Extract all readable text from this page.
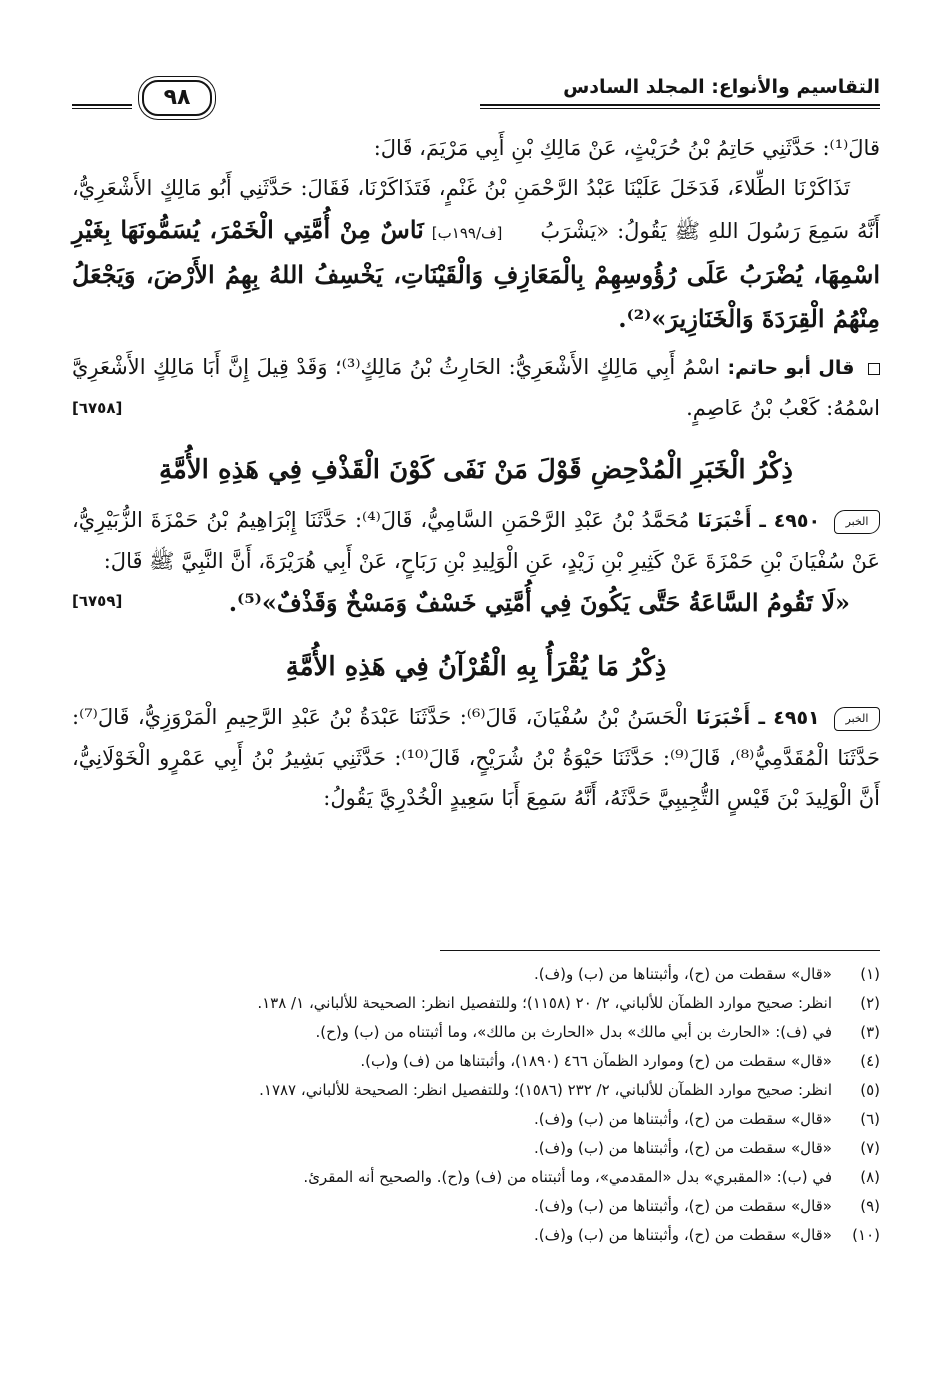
التقاسيم والأنواع: المجلد السادس
٩٨

قالَ⁽¹⁾: حَدَّثَنِي حَاتِمُ بْنُ حُرَيْثٍ، عَنْ مَالِكِ بْنِ أَبِي مَرْيَمَ، قَالَ:

تَذَاكَرْنَا الطِّلاءَ، فَدَخَلَ عَلَيْنَا عَبْدُ الرَّحْمَنِ بْنُ غَنْمٍ، فَتَذَاكَرْنَا، فَقَالَ: حَدَّثَنِي أَبُو مَالِكٍ الأَشْعَرِيُّ، أَنَّهُ سَمِعَ رَسُولَ اللهِ ﷺ يَقُولُ: «يَشْرَبُ [ف/١٩٩ب] نَاسٌ مِنْ أُمَّتِي الْخَمْرَ، يُسَمُّونَهَا بِغَيْرِ اسْمِهَا، يُضْرَبُ عَلَى رُؤُوسِهِمْ بِالْمَعَازِفِ وَالْقَيْنَاتِ، يَخْسِفُ اللهُ بِهِمُ الأَرْضَ، وَيَجْعَلُ مِنْهُمُ الْقِرَدَةَ وَالْخَنَازِيرَ»⁽²⁾.

قال أبو حاتم: اسْمُ أَبِي مَالِكٍ الأَشْعَرِيُّ: الحَارِثُ بْنُ مَالِكٍ⁽³⁾؛ وَقَدْ قِيلَ إِنَّ أَبَا مَالِكٍ الأَشْعَرِيَّ اسْمُهُ: كَعْبُ بْنُ عَاصِمٍ.
[٦٧٥٨]

ذِكْرُ الْخَبَرِ الْمُدْحِضِ قَوْلَ مَنْ نَفَى كَوْنَ الْقَذْفِ فِي هَذِهِ الأُمَّةِ

الخبر ٤٩٥٠ ـ أَخْبَرَنَا مُحَمَّدُ بْنُ عَبْدِ الرَّحْمَنِ السَّامِيُّ، قَالَ⁽⁴⁾: حَدَّثَنَا إِبْرَاهِيمُ بْنُ حَمْزَةَ الزُّبَيْرِيُّ، عَنْ سُفْيَانَ بْنِ حَمْزَةَ عَنْ كَثِيرِ بْنِ زَيْدٍ، عَنِ الْوَلِيدِ بْنِ رَبَاحٍ، عَنْ أَبِي هُرَيْرَةَ، أَنَّ النَّبِيَّ ﷺ قَالَ:

«لَا تَقُومُ السَّاعَةُ حَتَّى يَكُونَ فِي أُمَّتِي خَسْفٌ وَمَسْخٌ وَقَذْفٌ»⁽⁵⁾.
[٦٧٥٩]

ذِكْرُ مَا يُقْرَأُ بِهِ الْقُرْآنُ فِي هَذِهِ الأُمَّةِ

الخبر ٤٩٥١ ـ أَخْبَرَنَا الْحَسَنُ بْنُ سُفْيَانَ، قَالَ⁽⁶⁾: حَدَّثَنَا عَبْدَةُ بْنُ عَبْدِ الرَّحِيمِ الْمَرْوَزِيُّ، قَالَ⁽⁷⁾: حَدَّثَنَا الْمُقَدَّمِيُّ⁽⁸⁾، قَالَ⁽⁹⁾: حَدَّثَنَا حَيْوَةُ بْنُ شُرَيْحٍ، قَالَ⁽¹⁰⁾: حَدَّثَنِي بَشِيرُ بْنُ أَبِي عَمْرٍو الْخَوْلَانِيُّ، أَنَّ الْوَلِيدَ بْنَ قَيْسٍ التُّجِيبِيَّ حَدَّثَهُ، أَنَّهُ سَمِعَ أَبَا سَعِيدٍ الْخُدْرِيَّ يَقُولُ:

(١)
«قال» سقطت من (ح)، وأثبتناها من (ب) و(ف).
(٢)
انظر: صحيح موارد الظمآن للألباني، ٢/ ٢٠ (١١٥٨)؛ وللتفصيل انظر: الصحيحة للألباني، ١/ ١٣٨.
(٣)
في (ف): «الحارث بن أبي مالك» بدل «الحارث بن مالك»، وما أثبتناه من (ب) و(ح).
(٤)
«قال» سقطت من (ح) وموارد الظمآن ٤٦٦ (١٨٩٠)، وأثبتناها من (ف) و(ب).
(٥)
انظر: صحيح موارد الظمآن للألباني، ٢/ ٢٣٢ (١٥٨٦)؛ وللتفصيل انظر: الصحيحة للألباني، ١٧٨٧.
(٦)
«قال» سقطت من (ح)، وأثبتناها من (ب) و(ف).
(٧)
«قال» سقطت من (ح)، وأثبتناها من (ب) و(ف).
(٨)
في (ب): «المقبري» بدل «المقدمي»، وما أثبتناه من (ف) و(ح). والصحيح أنه المقرئ.
(٩)
«قال» سقطت من (ح)، وأثبتناها من (ب) و(ف).
(١٠)
«قال» سقطت من (ح)، وأثبتناها من (ب) و(ف).
